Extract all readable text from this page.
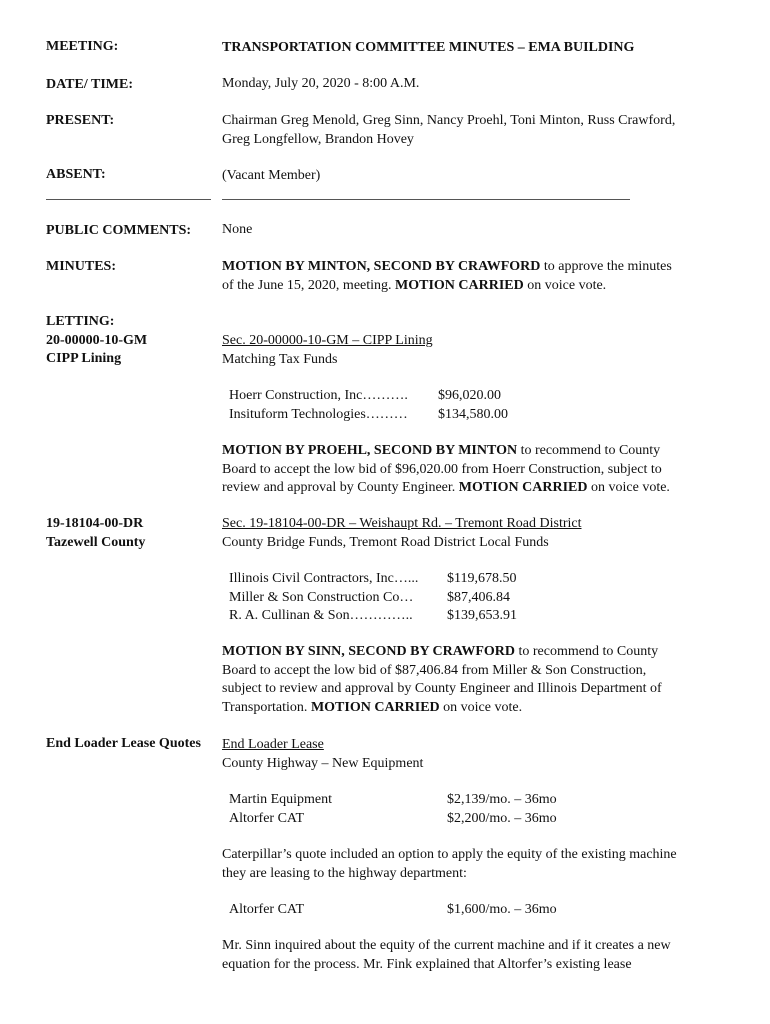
MEETING:	TRANSPORTATION COMMITTEE MINUTES – EMA BUILDING
DATE/ TIME:	Monday, July 20, 2020 - 8:00 A.M.
PRESENT:	Chairman Greg Menold, Greg Sinn, Nancy Proehl, Toni Minton, Russ Crawford,
Greg Longfellow, Brandon Hovey
ABSENT:	(Vacant Member)
PUBLIC COMMENTS: None
MINUTES:	MOTION BY MINTON, SECOND BY CRAWFORD to approve the minutes
of the June 15, 2020, meeting. MOTION CARRIED on voice vote.
LETTING:
20-00000-10-GM
CIPP Lining
Sec. 20-00000-10-GM – CIPP Lining
Matching Tax Funds
Hoerr Construction, Inc……….	$96,020.00
Insituform Technologies………	$134,580.00
MOTION BY PROEHL, SECOND BY MINTON to recommend to County
Board to accept the low bid of $96,020.00 from Hoerr Construction, subject to
review and approval by County Engineer. MOTION CARRIED on voice vote.
19-18104-00-DR
Tazewell County
Sec. 19-18104-00-DR – Weishaupt Rd. – Tremont Road District
County Bridge Funds, Tremont Road District Local Funds
Illinois Civil Contractors, Inc…...	$119,678.50
Miller & Son Construction Co…	$87,406.84
R. A. Cullinan & Son…………..	$139,653.91
MOTION BY SINN, SECOND BY CRAWFORD to recommend to County
Board to accept the low bid of $87,406.84 from Miller & Son Construction,
subject to review and approval by County Engineer and Illinois Department of
Transportation. MOTION CARRIED on voice vote.
End Loader Lease Quotes End Loader Lease
County Highway – New Equipment
Martin Equipment	$2,139/mo. – 36mo
Altorfer CAT	$2,200/mo. – 36mo
Caterpillar’s quote included an option to apply the equity of the existing machine
they are leasing to the highway department:
Altorfer CAT	$1,600/mo. – 36mo
Mr. Sinn inquired about the equity of the current machine and if it creates a new
equation for the process. Mr. Fink explained that Altorfer’s existing lease
